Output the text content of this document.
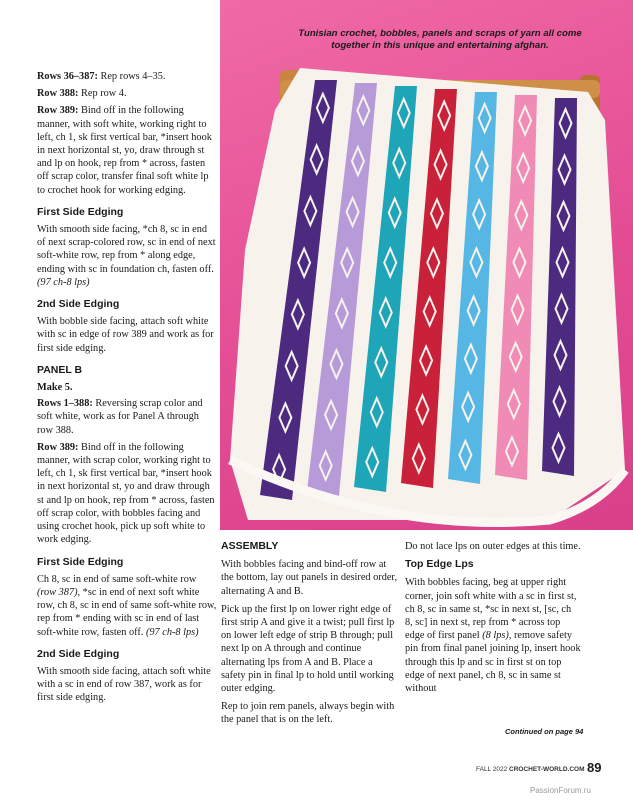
Rows 36–387: Rep rows 4–35.

Row 388: Rep row 4.

Row 389: Bind off in the following manner, with soft white, working right to left, ch 1, sk first vertical bar, *insert hook in next horizontal st, yo, draw through st and lp on hook, rep from * across, fasten off scrap color, transfer final soft white lp to crochet hook for working edging.

First Side Edging

With smooth side facing, *ch 8, sc in end of next scrap-colored row, sc in end of next soft-white row, rep from * along edge, ending with sc in foundation ch, fasten off. (97 ch-8 lps)

2nd Side Edging

With bobble side facing, attach soft white with sc in edge of row 389 and work as for first side edging.

PANEL B
Make 5.

Rows 1–388: Reversing scrap color and soft white, work as for Panel A through row 388.

Row 389: Bind off in the following manner, with scrap color, working right to left, ch 1, sk first vertical bar, *insert hook in next horizontal st, yo and draw through st and lp on hook, rep from * across, fasten off scrap color, with bobbles facing and using crochet hook, pick up soft white to work edging.

First Side Edging

Ch 8, sc in end of same soft-white row (row 387), *sc in end of next soft white row, ch 8, sc in end of same soft-white row, rep from * ending with sc in end of last soft-white row, fasten off. (97 ch-8 lps)

2nd Side Edging

With smooth side facing, attach soft white with a sc in end of row 387, work as for first side edging.

Tunisian crochet, bobbles, panels and scraps of yarn all come together in this unique and entertaining afghan.
ASSEMBLY

With bobbles facing and bind-off row at the bottom, lay out panels in desired order, alternating A and B.

Pick up the first lp on lower right edge of first strip A and give it a twist; pull first lp on lower left edge of strip B through; pull next lp on A through and continue alternating lps from A and B. Place a safety pin in final lp to hold until working outer edging.

Rep to join rem panels, always begin with the panel that is on the left.

Do not lace lps on outer edges at this time.

Top Edge Lps

With bobbles facing, beg at upper right corner, join soft white with a sc in first st, ch 8, sc in same st, *sc in next st, [sc, ch 8, sc] in next st, rep from * across top edge of first panel (8 lps), remove safety pin from final panel joining lp, insert hook through this lp and sc in first st on top edge of next panel, ch 8, sc in same st without

Continued on page 94
FALL 2022 CROCHET-WORLD.COM 89
PassionForum.ru
